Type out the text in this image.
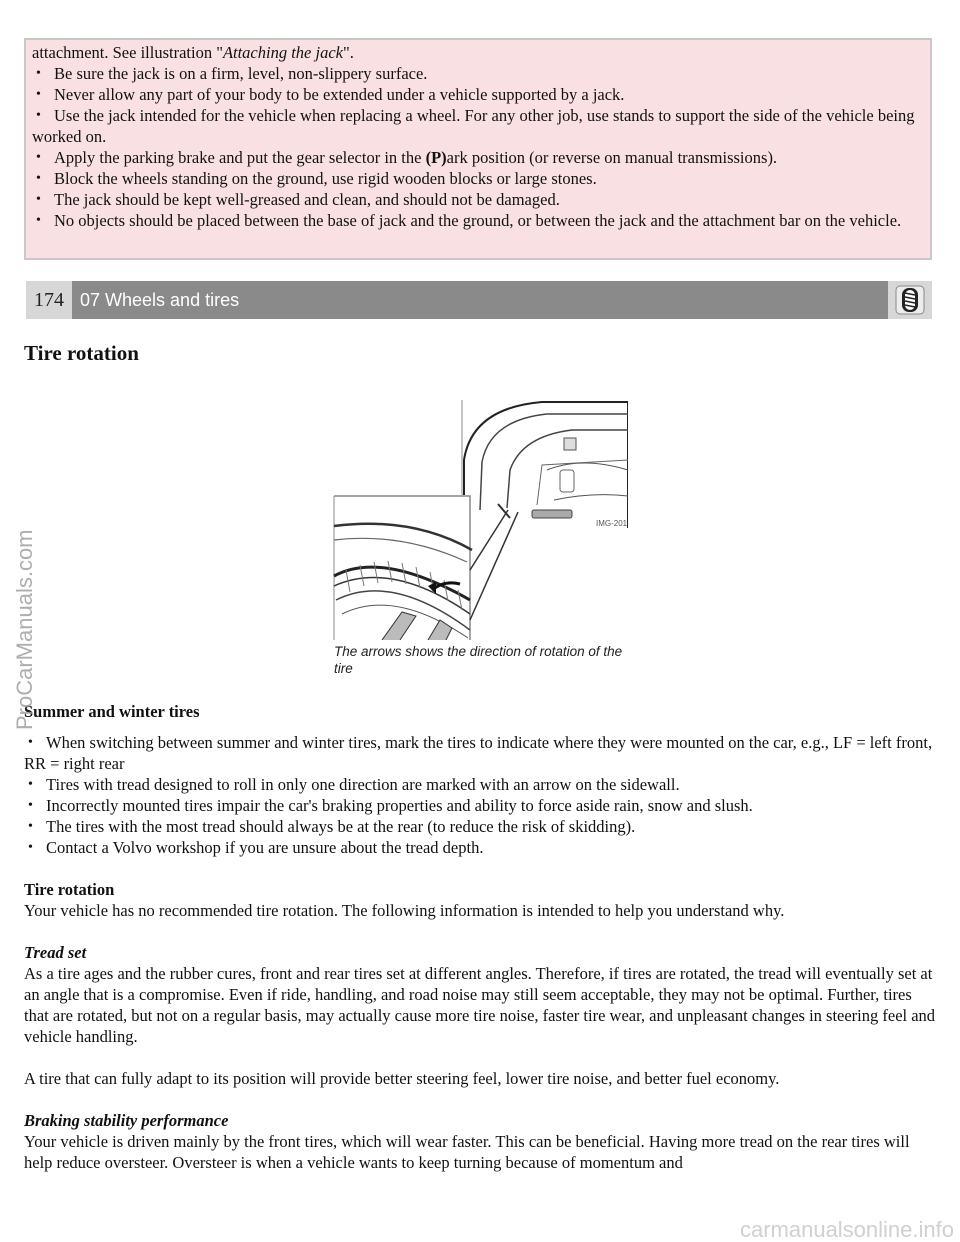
attachment. See illustration "Attaching the jack".

• Be sure the jack is on a firm, level, non-slippery surface.
• Never allow any part of your body to be extended under a vehicle supported by a jack.
• Use the jack intended for the vehicle when replacing a wheel. For any other job, use stands to support the side of the vehicle being worked on.
• Apply the parking brake and put the gear selector in the (P)ark position (or reverse on manual transmissions).
• Block the wheels standing on the ground, use rigid wooden blocks or large stones.
• The jack should be kept well-greased and clean, and should not be damaged.
• No objects should be placed between the base of jack and the ground, or between the jack and the attachment bar on the vehicle.
174 07 Wheels and tires
Tire rotation
IMG-201
The arrows shows the direction of rotation of the tire
Summer and winter tires
• When switching between summer and winter tires, mark the tires to indicate where they were mounted on the car, e.g., LF = left front, RR = right rear
• Tires with tread designed to roll in only one direction are marked with an arrow on the sidewall.
• Incorrectly mounted tires impair the car's braking properties and ability to force aside rain, snow and slush.
• The tires with the most tread should always be at the rear (to reduce the risk of skidding).
• Contact a Volvo workshop if you are unsure about the tread depth.
Tire rotation

Your vehicle has no recommended tire rotation. The following information is intended to help you understand why.

Tread set

As a tire ages and the rubber cures, front and rear tires set at different angles. Therefore, if tires are rotated, the tread will eventually set at an angle that is a compromise. Even if ride, handling, and road noise may still seem acceptable, they may not be optimal. Further, tires that are rotated, but not on a regular basis, may actually cause more tire noise, faster tire wear, and unpleasant changes in steering feel and vehicle handling.

A tire that can fully adapt to its position will provide better steering feel, lower tire noise, and better fuel economy.

Braking stability performance

Your vehicle is driven mainly by the front tires, which will wear faster. This can be beneficial. Having more tread on the rear tires will help reduce oversteer. Oversteer is when a vehicle wants to keep turning because of momentum and

ProCarManuals.com
carmanualsonline.info
